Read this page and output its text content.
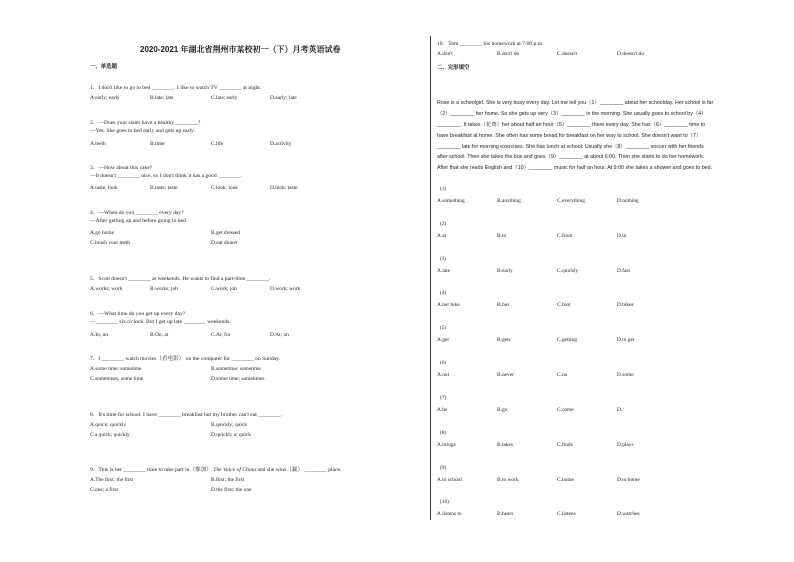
2020-2021 年湖北省荆州市某校初一（下）月考英语试卷
一、单选题
1．I don't like to go to bed ________. I like to watch TV ________ at night.
A.early; early	B.late; late	C.late; early	D.early; late
2．—Does your sister have a healthy ________?
—Yes. She goes to bed early and gets up early.
A.teeth	B.time	C.life	D.activity
3．—How about this cake?
—It doesn't ________ nice, so I don't think it has a good ________.
A.taste; look	B.taste; taste	C.look; look	D.look; taste
4．—When do you ________ every day?
—After getting up and before going to bed.
A.go home	B.get dressed
C.brush your teeth	D.eat dinner
5．Scott doesn't ________ at weekends. He wants to find a part-time ________.
A.works; work	B.works; job	C.work; job	D.work; work
6．—What time do you get up every day?
—________ six o'clock. But I get up late ________ weekends.
A.In; on	B.On; at	C.At; for	D.At; on
7．I ________ watch movies（看电影） on the computer for ________ on Sunday.
A.some time; sometime	B.sometime; sometime
C.sometimes; some time	D.some time; sometimes
8．It's time for school. I have ________ breakfast but my brother can't eat ________.
A.quick; quickly	B.quickly; quick
C.a quick; quickly	D.quickly a; quick
9．This is her ________ time to take part in（参加） The Voice of China and she wins（赢） ________ place.
A.The first; the first	B.first; the first
C.one; a first	D.the first; the one
10．Tom ________ his homework at 7:00 p.m.
A.don't	B.don't do	C.doesn't	D.doesn't do
二、完形填空
Rose is a schoolgirl. She is very busy every day. Let me tell you（1）________ about her schoolday. Her school is far
（2）________ her home. So she gets up very（3）________ in the morning. She usually goes to school by（4）
________. It takes（花费）her about half an hour（5）________ there every day. She has（6）________ time to
have breakfast at home. She often has some bread for breakfast on her way to school. She doesn't want to（7）
________ late for morning exercises. She has lunch at school. Usually she（8）________ soccer with her friends
after school. Then she takes the bus and goes（9）________ at about 6:00. Then she starts to do her homework.
After that she reads English and（10）________ music for half an hour. At 9:00 she takes a shower and goes to bed.
(1)
A.something	B.anything	C.everything	D.nothing
(2)
A.at	B.to	C.from	D.in
(3)
A.late	B.early	C.quickly	D.fast
(4)
A.her bike	B.bus	C.foot	D.bikes
(5)
A.get	B.gets	C.getting	D.to get
(6)
A.not	B.never	C.no	D.some
(7)
A.be	B.go	C.come	D./
(8)
A.brings	B.takes	C.finds	D.plays
(9)
A.to school	B.to work	C.home	D.to home
(10)
A.listens to	B.hears	C.listens	D.watches
